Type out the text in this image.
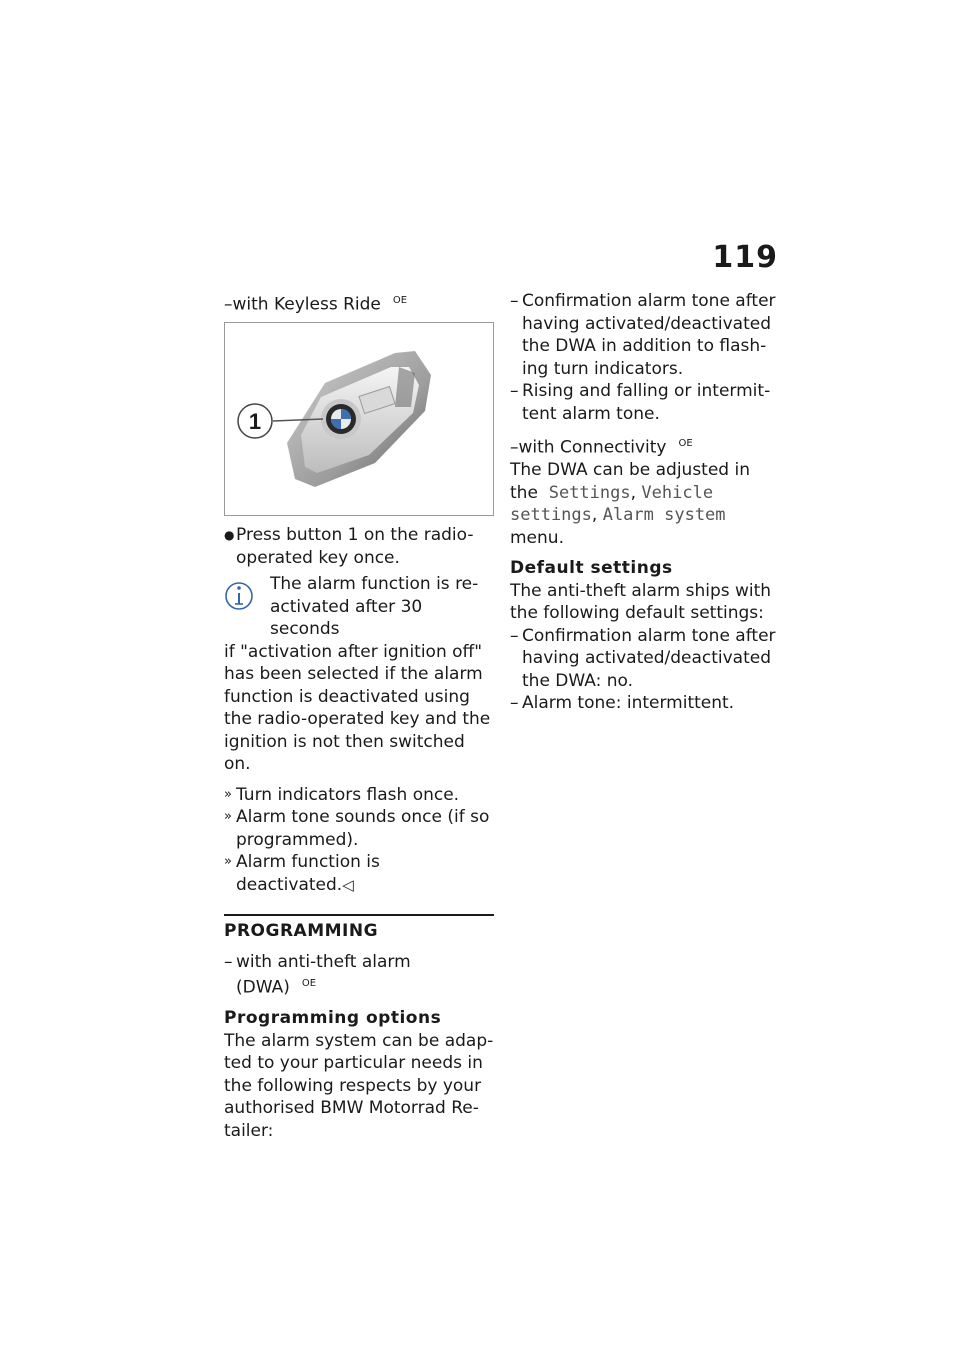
119
–with Keyless Ride $^{OE}$
1
● Press button 1 on the radio-
operated key once.
The alarm function is re-
activated after 30 seconds
if "activation after ignition off"
has been selected if the alarm
function is deactivated using
the radio-operated key and the
ignition is not then switched
on.
» Turn indicators flash once.
» Alarm tone sounds once (if so
programmed).
» Alarm function is
deactivated.◁
PROGRAMMING
– with anti-theft alarm
(DWA) $^{OE}$
Programming options
The alarm system can be adap-
ted to your particular needs in
the following respects by your
authorised BMW Motorrad Re-
tailer:
– Confirmation alarm tone after
having activated/deactivated
the DWA in addition to flash-
ing turn indicators.
– Rising and falling or intermit-
tent alarm tone.
–with Connectivity $^{OE}$
The DWA can be adjusted in
the Settings, Vehicle
settings, Alarm system
menu.
Default settings
The anti-theft alarm ships with
the following default settings:
– Confirmation alarm tone after
having activated/deactivated
the DWA: no.
– Alarm tone: intermittent.
